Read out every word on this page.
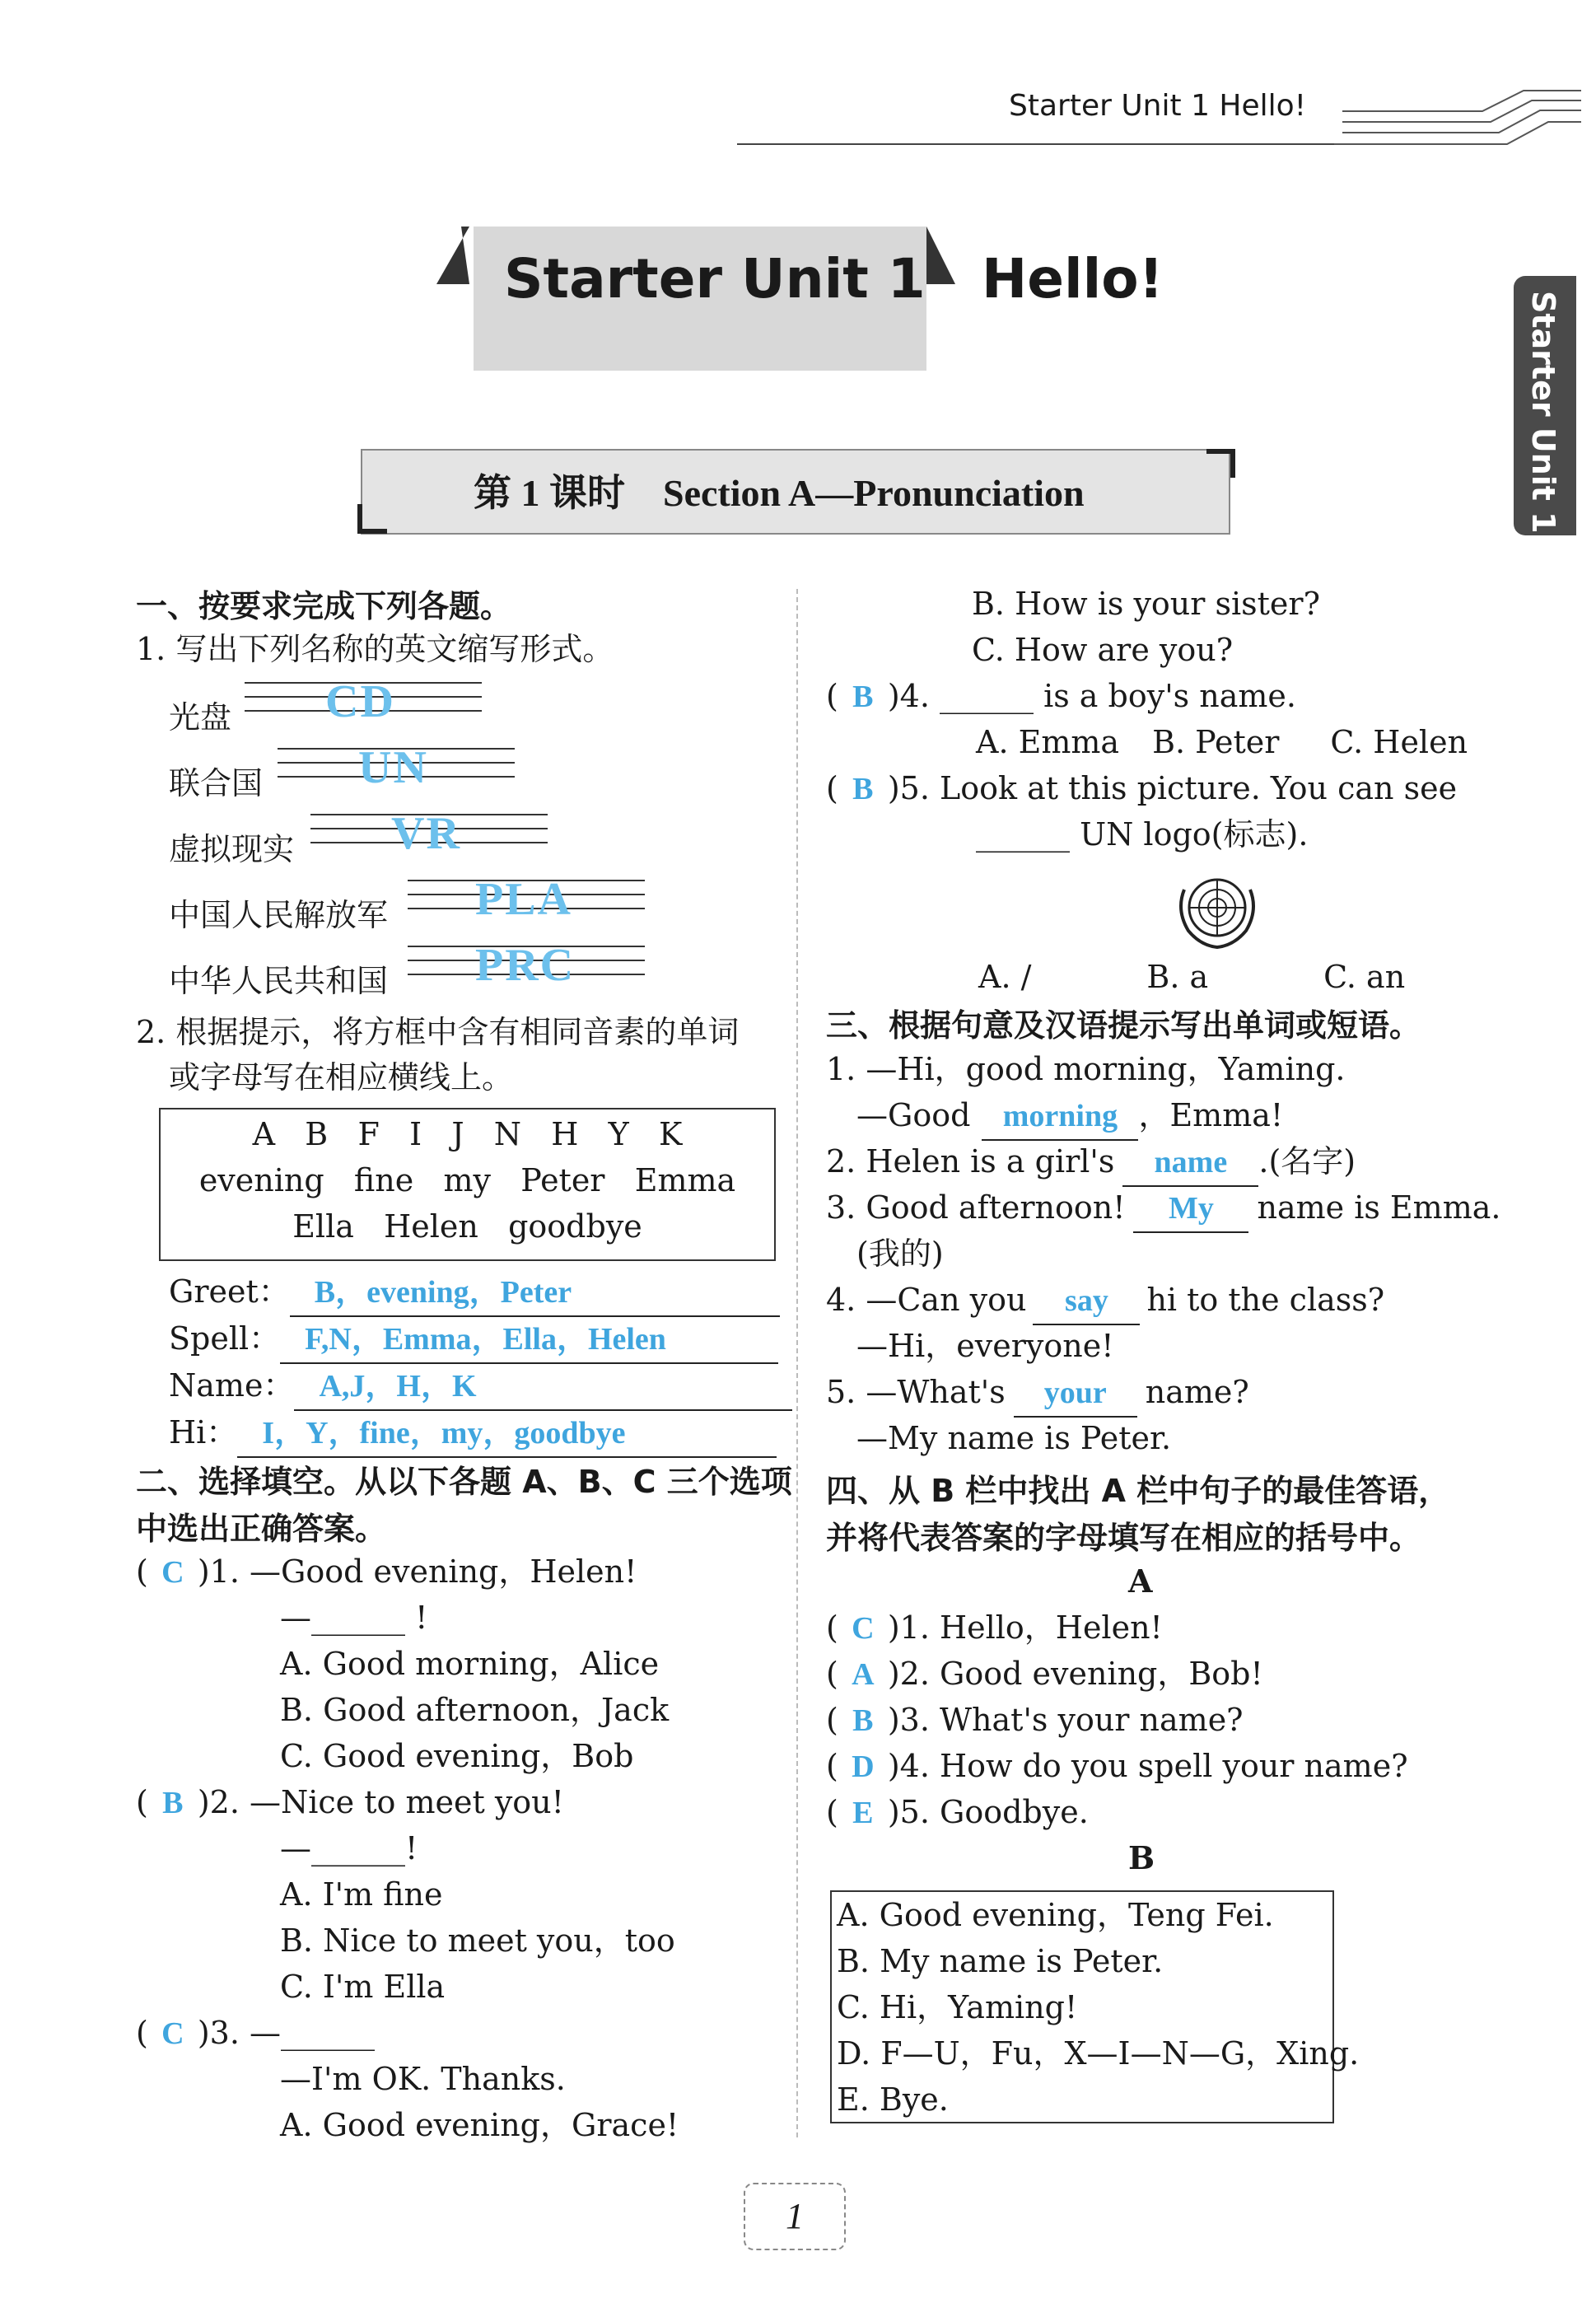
Starter Unit 1 Hello!
Starter Unit 1
Starter Unit 1 Hello!
第 1 课时    Section A—Pronunciation
一、按要求完成下列各题。
1. 写出下列名称的英文缩写形式。
光盘 CD
联合国 UN
虚拟现实 VR
中国人民解放军 PLA
中华人民共和国 PRC
2. 根据提示，将方框中含有相同音素的单词
或字母写在相应横线上。
A   B   F   I   J   N   H   Y   K
evening   fine   my   Peter   Emma
Ella   Helen   goodbye
Greet： B，evening，Peter
Spell： F,N，Emma，Ella，Helen
Name： A,J，H，K
Hi： I，Y，fine，my，goodbye
二、选择填空。从以下各题 A、B、C 三个选项
中选出正确答案。
( C )1. —Good evening，Helen!
—______ !
A. Good morning，Alice
B. Good afternoon，Jack
C. Good evening，Bob
( B )2. —Nice to meet you!
—______!
A. I'm fine
B. Nice to meet you，too
C. I'm Ella
( C )3. —______
—I'm OK. Thanks.
A. Good evening，Grace!
B. How is your sister?
C. How are you?
( B )4. ______ is a boy's name.
A. Emma B. Peter C. Helen
( B )5. Look at this picture. You can see
______ UN logo(标志).
A. /	B. a	C. an
三、根据句意及汉语提示写出单词或短语。
1. —Hi，good morning，Yaming.
—Good morning ，Emma!
2. Helen is a girl's name .(名字)
3. Good afternoon! My name is Emma.
(我的)
4. —Can you say hi to the class?
—Hi，everyone!
5. —What's your name?
—My name is Peter.
四、从 B 栏中找出 A 栏中句子的最佳答语，
并将代表答案的字母填写在相应的括号中。
A
( C )1. Hello，Helen!
( A )2. Good evening，Bob!
( B )3. What's your name?
( D )4. How do you spell your name?
( E )5. Goodbye.
B
A. Good evening，Teng Fei.
B. My name is Peter.
C. Hi，Yaming!
D. F—U，Fu，X—I—N—G，Xing.
E. Bye.
1
